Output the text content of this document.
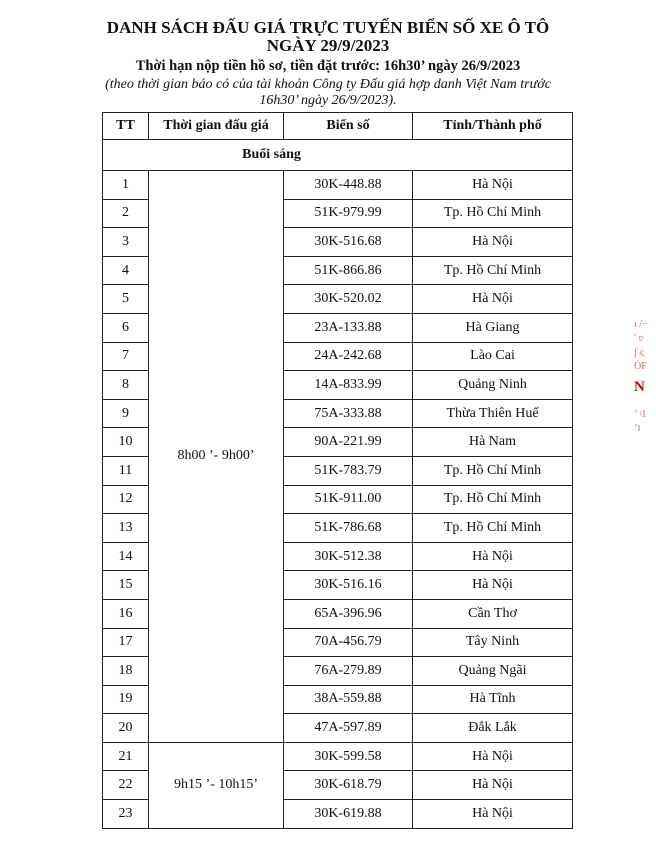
DANH SÁCH ĐẤU GIÁ TRỰC TUYẾN BIỂN SỐ XE Ô TÔ
NGÀY 29/9/2023
Thời hạn nộp tiền hồ sơ, tiền đặt trước: 16h30’ ngày 26/9/2023
(theo thời gian báo có của tài khoản Công ty Đấu giá hợp danh Việt Nam trước
16h30’ ngày 26/9/2023).
TT	Thời gian đấu giá	Biển số	Tỉnh/Thành phố
Buổi sáng			
1	8h00 ’- 9h00’	30K-448.88	Hà Nội
2		51K-979.99	Tp. Hồ Chí Minh
3		30K-516.68	Hà Nội
4		51K-866.86	Tp. Hồ Chí Minh
5		30K-520.02	Hà Nội
6		23A-133.88	Hà Giang
7		24A-242.68	Lào Cai
8		14A-833.99	Quảng Ninh
9		75A-333.88	Thừa Thiên Huế
10		90A-221.99	Hà Nam
11		51K-783.79	Tp. Hồ Chí Minh
12		51K-911.00	Tp. Hồ Chí Minh
13		51K-786.68	Tp. Hồ Chí Minh
14		30K-512.38	Hà Nội
15		30K-516.16	Hà Nội
16		65A-396.96	Cần Thơ
17		70A-456.79	Tây Ninh
18		76A-279.89	Quảng Ngãi
19		38A-559.88	Hà Tĩnh
20		47A-597.89	Đắk Lắk
21	9h15 ’- 10h15’	30K-599.58	Hà Nội
22		30K-618.79	Hà Nội
23		30K-619.88	Hà Nội
ı /−
′ ʋ
ʃ ς
ÓF
N
ʼ ʲ1
ʼʇ
